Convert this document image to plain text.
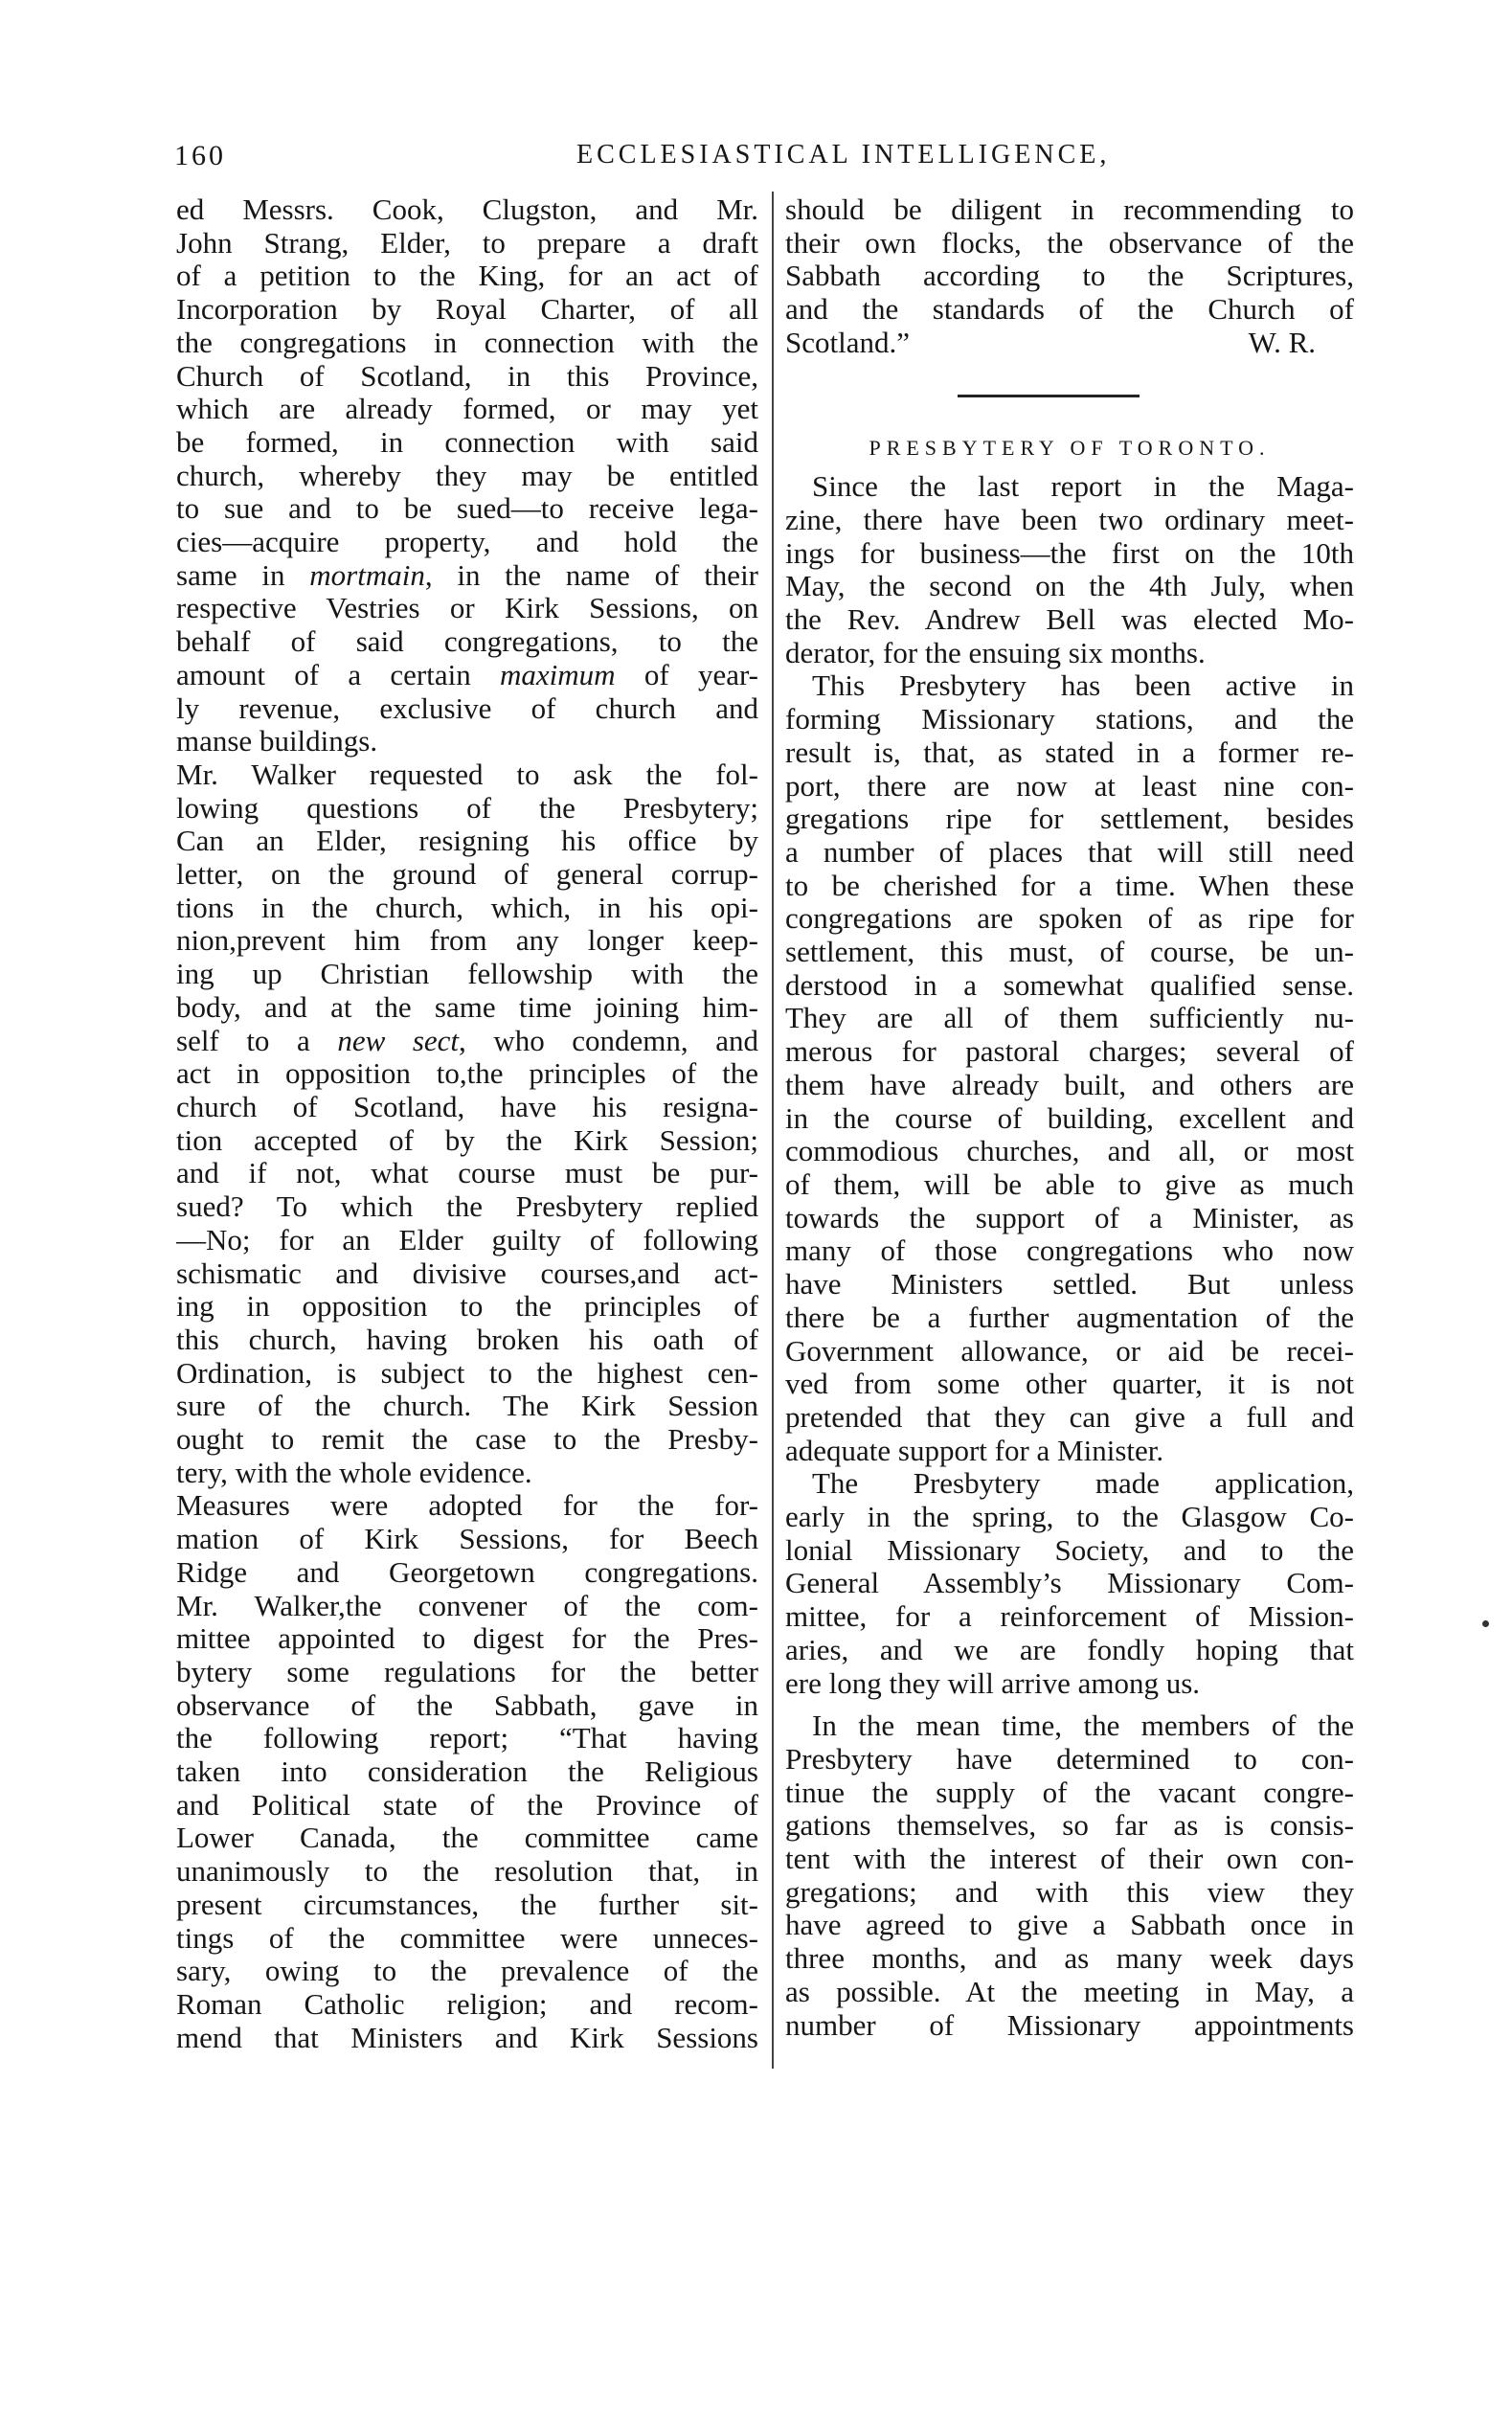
160	ECCLESIASTICAL INTELLIGENCE,
ed Messrs. Cook, Clugston, and Mr.
John Strang, Elder, to prepare a draft
of a petition to the King, for an act of
Incorporation by Royal Charter, of all
the congregations in connection with the
Church of Scotland, in this Province,
which are already formed, or may yet
be formed, in connection with said
church, whereby they may be entitled
to sue and to be sued—to receive lega-
cies—acquire property, and hold the
same in mortmain, in the name of their
respective Vestries or Kirk Sessions, on
behalf of said congregations, to the
amount of a certain maximum of year-
ly revenue, exclusive of church and
manse buildings.
Mr. Walker requested to ask the fol-
lowing questions of the Presbytery;
Can an Elder, resigning his office by
letter, on the ground of general corrup-
tions in the church, which, in his opi-
nion,prevent him from any longer keep-
ing up Christian fellowship with the
body, and at the same time joining him-
self to a new sect, who condemn, and
act in opposition to,the principles of the
church of Scotland, have his resigna-
tion accepted of by the Kirk Session;
and if not, what course must be pur-
sued? To which the Presbytery replied
—No; for an Elder guilty of following
schismatic and divisive courses,and act-
ing in opposition to the principles of
this church, having broken his oath of
Ordination, is subject to the highest cen-
sure of the church. The Kirk Session
ought to remit the case to the Presby-
tery, with the whole evidence.
Measures were adopted for the for-
mation of Kirk Sessions, for Beech
Ridge and Georgetown congregations.
Mr. Walker,the convener of the com-
mittee appointed to digest for the Pres-
bytery some regulations for the better
observance of the Sabbath, gave in
the following report; “That having
taken into consideration the Religious
and Political state of the Province of
Lower Canada, the committee came
unanimously to the resolution that, in
present circumstances, the further sit-
tings of the committee were unneces-
sary, owing to the prevalence of the
Roman Catholic religion; and recom-
mend that Ministers and Kirk Sessions
should be diligent in recommending to
their own flocks, the observance of the
Sabbath according to the Scriptures,
and the standards of the Church of
Scotland.”	W. R.
PRESBYTERY OF TORONTO.
Since the last report in the Maga-
zine, there have been two ordinary meet-
ings for business—the first on the 10th
May, the second on the 4th July, when
the Rev. Andrew Bell was elected Mo-
derator, for the ensuing six months.
This Presbytery has been active in
forming Missionary stations, and the
result is, that, as stated in a former re-
port, there are now at least nine con-
gregations ripe for settlement, besides
a number of places that will still need
to be cherished for a time. When these
congregations are spoken of as ripe for
settlement, this must, of course, be un-
derstood in a somewhat qualified sense.
They are all of them sufficiently nu-
merous for pastoral charges; several of
them have already built, and others are
in the course of building, excellent and
commodious churches, and all, or most
of them, will be able to give as much
towards the support of a Minister, as
many of those congregations who now
have Ministers settled. But unless
there be a further augmentation of the
Government allowance, or aid be recei-
ved from some other quarter, it is not
pretended that they can give a full and
adequate support for a Minister.
The Presbytery made application,
early in the spring, to the Glasgow Co-
lonial Missionary Society, and to the
General Assembly’s Missionary Com-
mittee, for a reinforcement of Mission-
aries, and we are fondly hoping that
ere long they will arrive among us.
In the mean time, the members of the
Presbytery have determined to con-
tinue the supply of the vacant congre-
gations themselves, so far as is consis-
tent with the interest of their own con-
gregations; and with this view they
have agreed to give a Sabbath once in
three months, and as many week days
as possible. At the meeting in May, a
number of Missionary appointments
